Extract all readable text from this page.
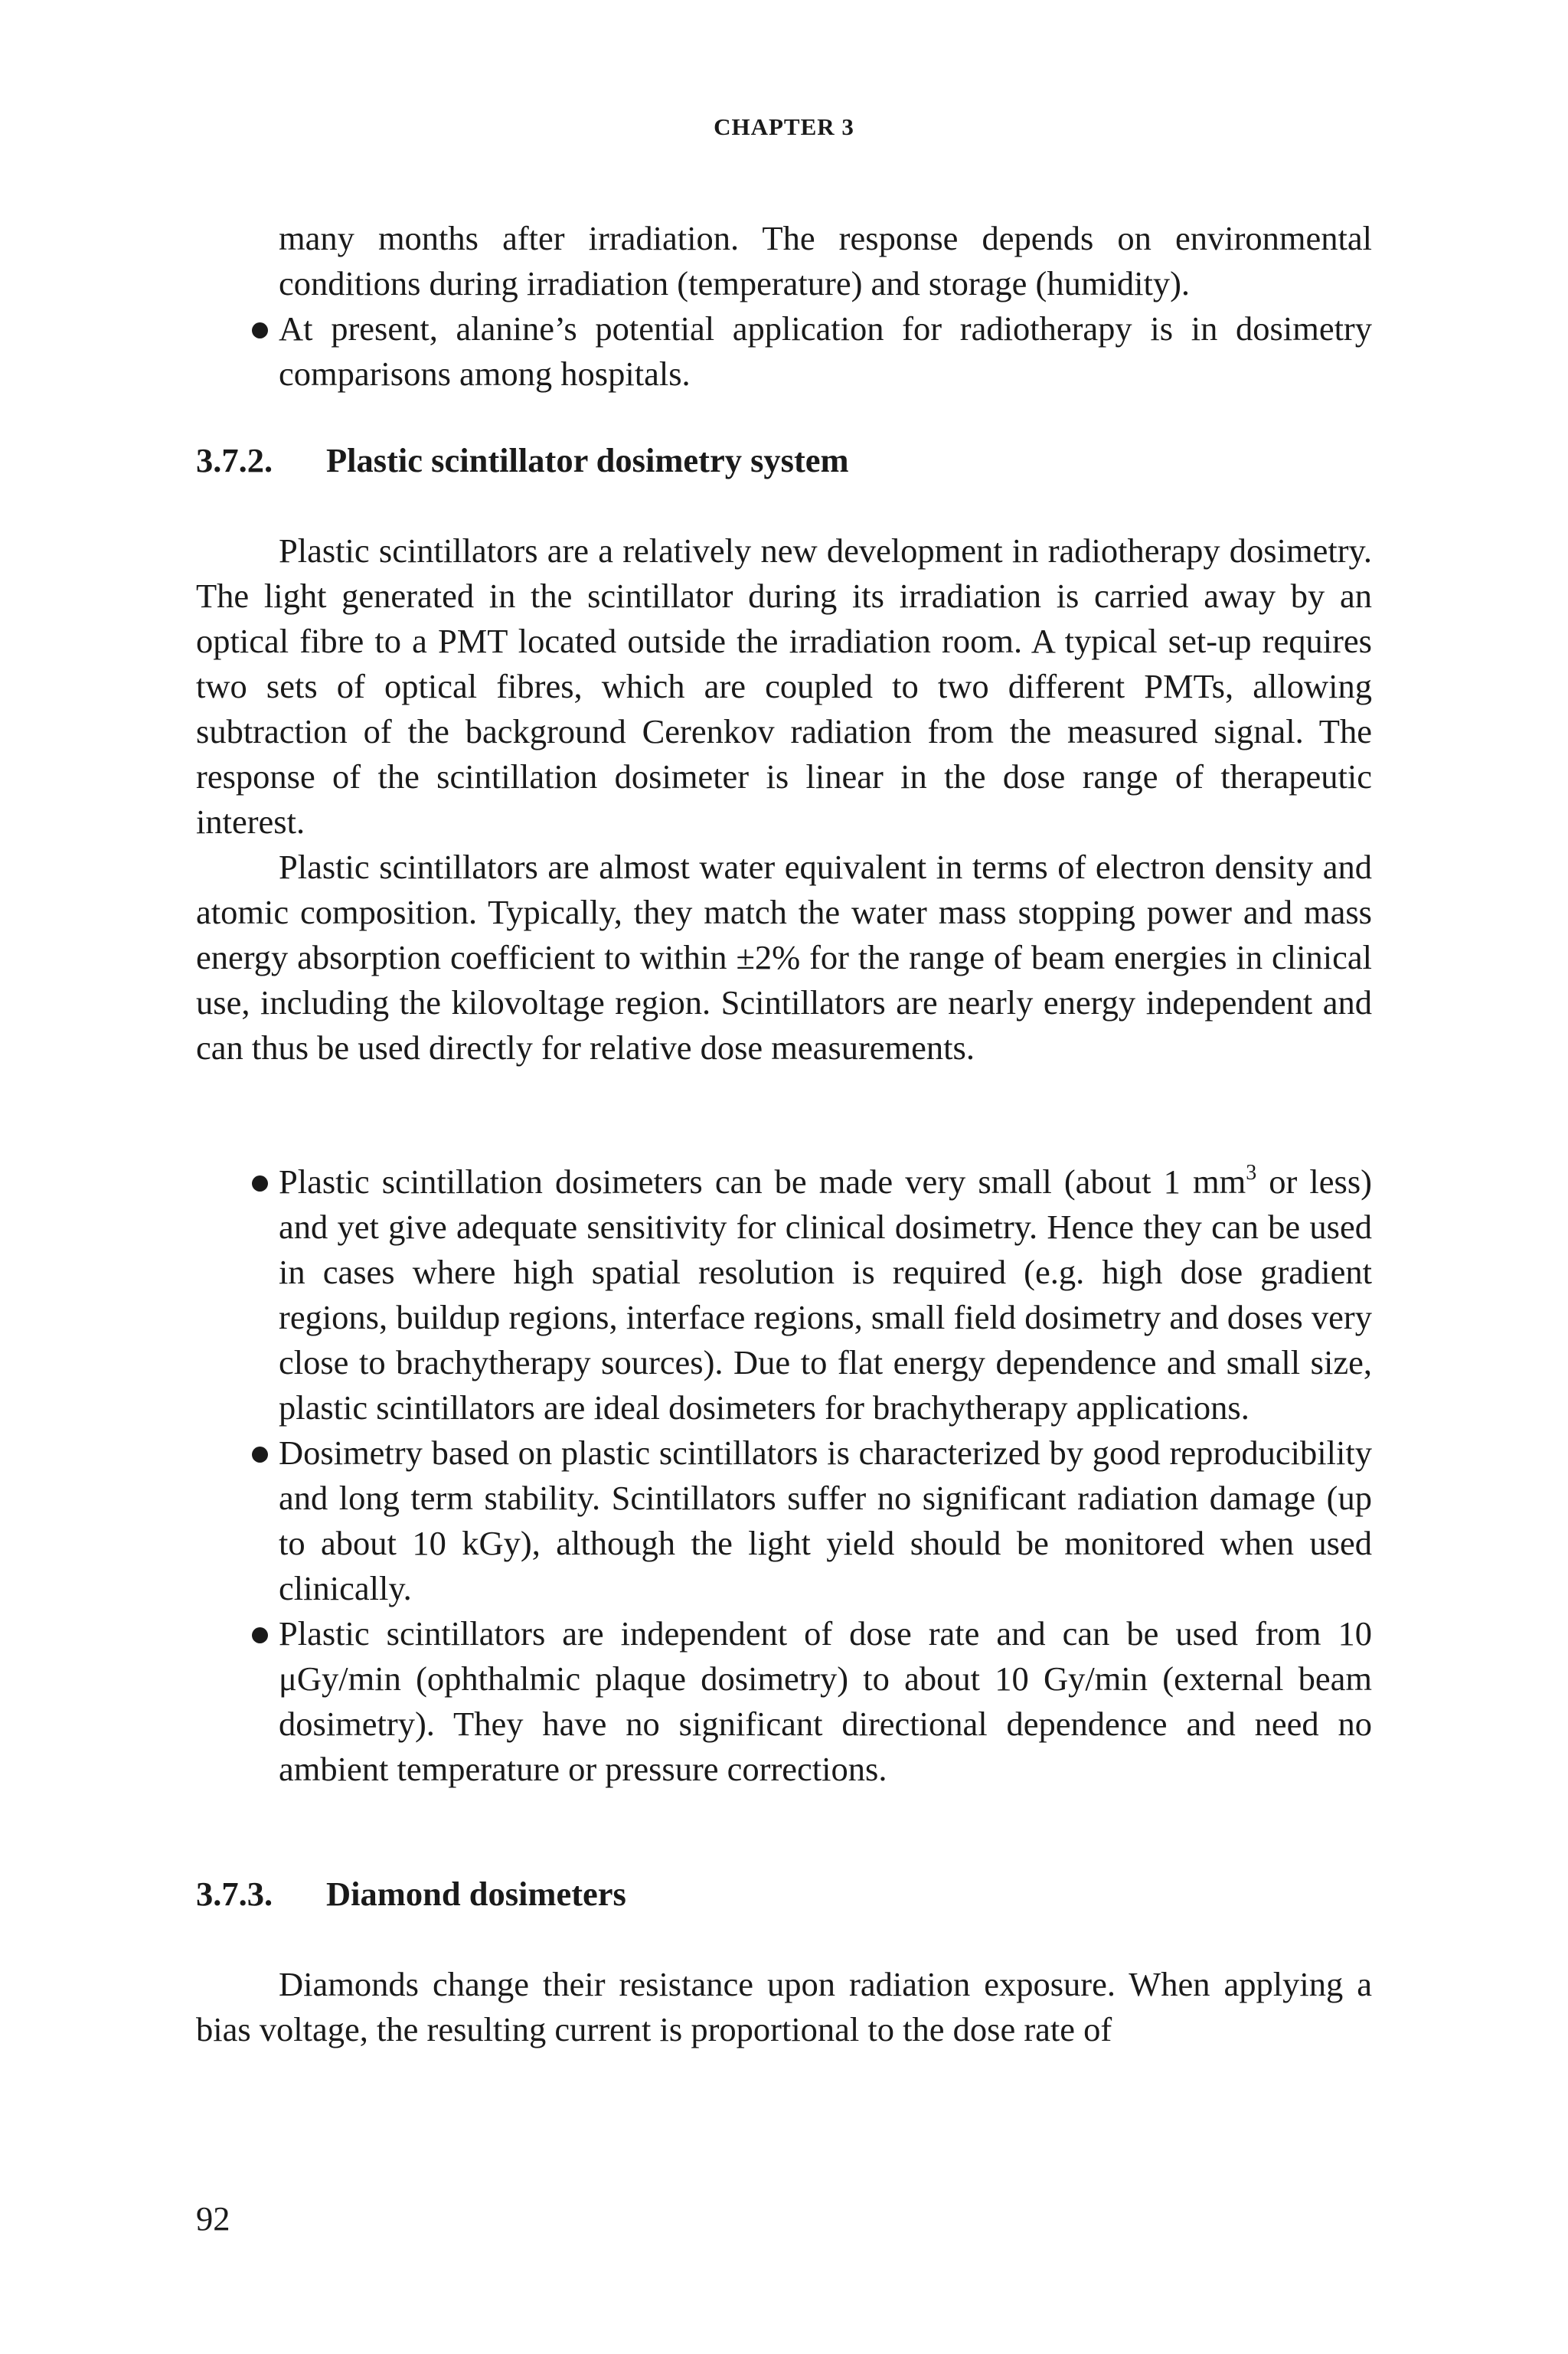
CHAPTER 3

many months after irradiation. The response depends on environmental conditions during irradiation (temperature) and storage (humidity).

At present, alanine’s potential application for radiotherapy is in dosimetry comparisons among hospitals.
3.7.2. Plastic scintillator dosimetry system

Plastic scintillators are a relatively new development in radiotherapy dosimetry. The light generated in the scintillator during its irradiation is carried away by an optical fibre to a PMT located outside the irradiation room. A typical set-up requires two sets of optical fibres, which are coupled to two different PMTs, allowing subtraction of the background Cerenkov radiation from the measured signal. The response of the scintillation dosimeter is linear in the dose range of therapeutic interest.

Plastic scintillators are almost water equivalent in terms of electron density and atomic composition. Typically, they match the water mass stopping power and mass energy absorption coefficient to within ±2% for the range of beam energies in clinical use, including the kilovoltage region. Scintillators are nearly energy independent and can thus be used directly for relative dose measurements.

Plastic scintillation dosimeters can be made very small (about 1 $mm^3$ or less) and yet give adequate sensitivity for clinical dosimetry. Hence they can be used in cases where high spatial resolution is required (e.g. high dose gradient regions, buildup regions, interface regions, small field dosimetry and doses very close to brachytherapy sources). Due to flat energy dependence and small size, plastic scintillators are ideal dosimeters for brachytherapy applications.
Dosimetry based on plastic scintillators is characterized by good reproducibility and long term stability. Scintillators suffer no significant radiation damage (up to about 10 kGy), although the light yield should be monitored when used clinically.
Plastic scintillators are independent of dose rate and can be used from 10 μGy/min (ophthalmic plaque dosimetry) to about 10 Gy/min (external beam dosimetry). They have no significant directional dependence and need no ambient temperature or pressure corrections.
3.7.3. Diamond dosimeters

Diamonds change their resistance upon radiation exposure. When applying a bias voltage, the resulting current is proportional to the dose rate of

92
